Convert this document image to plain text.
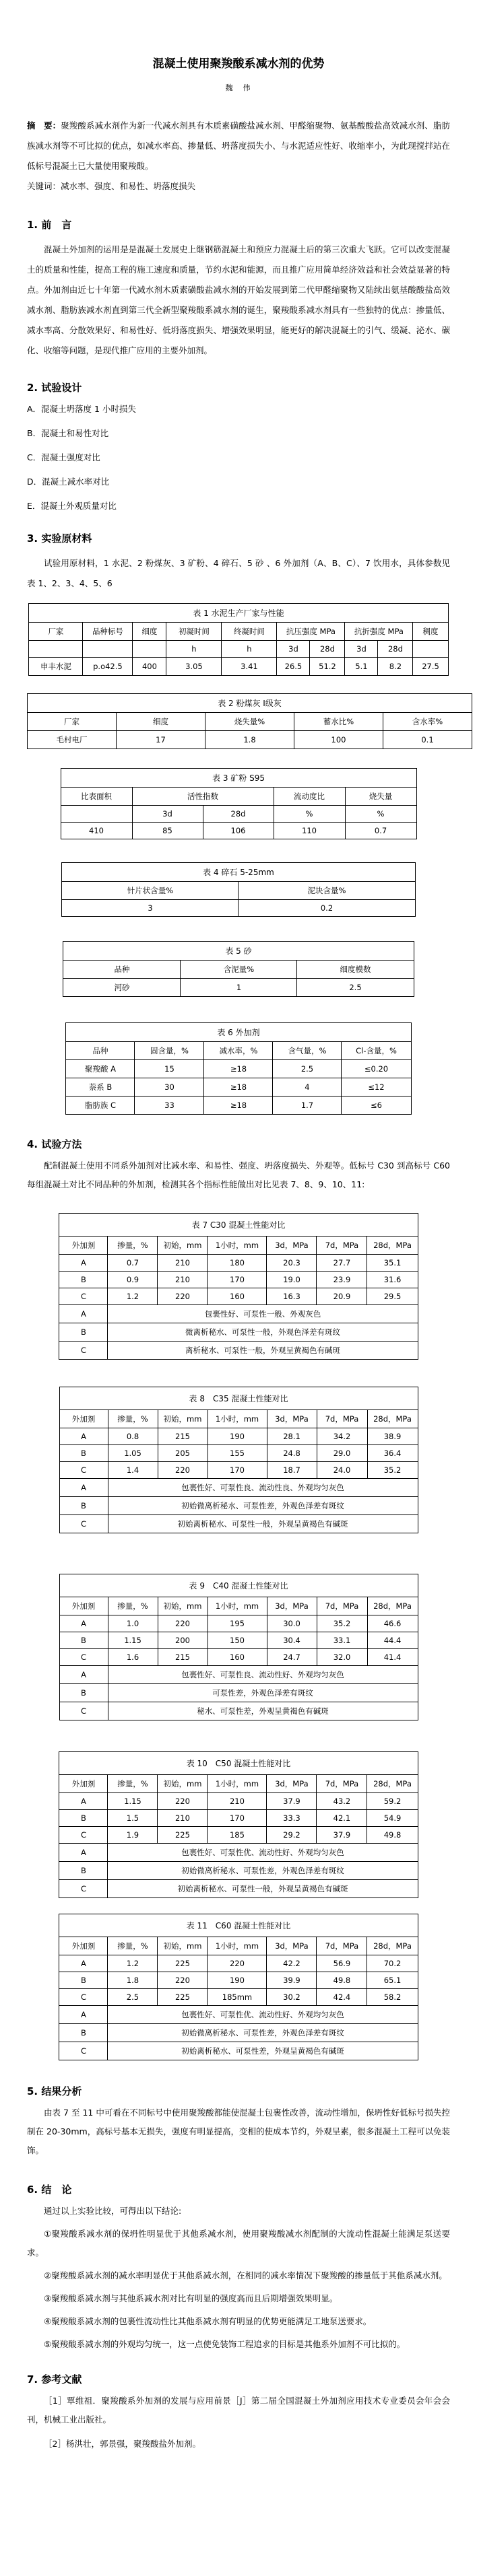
混凝土使用聚羧酸系减水剂的优势
魏　伟

摘　要：聚羧酸系减水剂作为新一代减水剂具有木质素磺酸盐减水剂、甲醛缩聚物、氨基酸酸盐高效减水剂、脂肪族减水剂等不可比拟的优点，如减水率高、掺量低、坍落度损失小、与水泥适应性好、收缩率小，为此现搅拌站在低标号混凝土已大量使用聚羧酸。

关键词：减水率、强度、和易性、坍落度损失

1. 前　言

混凝土外加剂的运用是是混凝土发展史上继钢筋混凝土和预应力混凝土后的第三次重大飞跃。它可以改变混凝土的质量和性能，提高工程的施工速度和质量，节约水泥和能源，而且推广应用简单经济效益和社会效益显著的特点。外加剂由近七十年第一代减水剂木质素磺酸盐减水剂的开始发展到第二代甲醛缩聚物又陆续出氨基酸酸盐高效减水剂、脂肪族减水剂直到第三代全新型聚羧酸系减水剂的诞生，聚羧酸系减水剂具有一些独特的优点：掺量低、减水率高、分散效果好、和易性好、低坍落度损失、增强效果明显，能更好的解决混凝土的引气、缓凝、泌水、碳化、收缩等问题，是现代推广应用的主要外加剂。

2. 试验设计

A．混凝土坍落度 1 小时损失

B．混凝土和易性对比

C．混凝土强度对比

D．混凝土减水率对比

E．混凝土外观质量对比

3. 实验原材料

试验用原材料，1 水泥、2 粉煤灰、3 矿粉、4 碎石、5 砂 、6 外加剂（A、B、C）、7 饮用水，具体参数见表 1、2、3、4、5、6

表 1 水泥生产厂家与性能									
厂家	品种标号	细度	初凝时间	终凝时间	抗压强度 MPa		抗折强度 MPa		稠度
			h	h	3d	28d	3d	28d	
申丰水泥	p.o42.5	400	3.05	3.41	26.5	51.2	5.1	8.2	27.5
表 2 粉煤灰 I级灰				
厂家	细度	烧失量%	蓄水比%	含水率%
毛村电厂	17	1.8	100	0.1
表 3 矿粉 S95				
比表面积	活性指数		流动度比	烧失量
	3d	28d	%	%
410	85	106	110	0.7
表 4 碎石 5-25mm	
针片状含量%	泥块含量%
3	0.2
表 5 砂		
品种	含泥量%	细度模数
河砂	1	2.5
表 6 外加剂				
品种	固含量，%	减水率，%	含气量，%	Cl-含量，%
聚羧酸 A	15	≥18	2.5	≤0.20
萘系 B	30	≥18	4	≤12
脂肪族 C	33	≥18	1.7	≤6
4. 试验方法

配制混凝土使用不同系外加剂对比减水率、和易性、强度、坍落度损失、外观等。低标号 C30 到高标号 C60 每组混凝土对比不同品种的外加剂，检测其各个指标性能做出对比见表 7、8、9、10、11:

表 7 C30 混凝土性能对比						
外加剂	掺量，%	初始，mm	1小时，mm	3d，MPa	7d，MPa	28d，MPa
A	0.7	210	180	20.3	27.7	35.1
B	0.9	210	170	19.0	23.9	31.6
C	1.2	220	160	16.3	20.9	29.5
A	包裹性好、可泵性一般、外观灰色					
B	微离析秘水、可泵性一般，外观色泽差有斑纹					
C	离析秘水、可泵性一般，外观呈黄褐色有碱斑					
表 8　C35 混凝土性能对比						
外加剂	掺量，%	初始，mm	1小时，mm	3d，MPa	7d，MPa	28d，MPa
A	0.8	215	190	28.1	34.2	38.9
B	1.05	205	155	24.8	29.0	36.4
C	1.4	220	170	18.7	24.0	35.2
A	包裹性好、可泵性良、流动性良、外观均匀灰色					
B	初始微离析秘水、可泵性差，外观色泽差有斑纹					
C	初始离析秘水、可泵性一般，外观呈黄褐色有碱斑					
表 9　C40 混凝土性能对比						
外加剂	掺量，%	初始，mm	1小时，mm	3d，MPa	7d，MPa	28d，MPa
A	1.0	220	195	30.0	35.2	46.6
B	1.15	200	150	30.4	33.1	44.4
C	1.6	215	160	24.7	32.0	41.4
A	包裹性好、可泵性良、流动性好、外观均匀灰色					
B	可泵性差，外观色泽差有斑纹					
C	秘水、可泵性差，外观呈黄褐色有碱斑					
表 10　C50 混凝土性能对比						
外加剂	掺量，%	初始，mm	1小时，mm	3d，MPa	7d，MPa	28d，MPa
A	1.15	220	210	37.9	43.2	59.2
B	1.5	210	170	33.3	42.1	54.9
C	1.9	225	185	29.2	37.9	49.8
A	包裹性好、可泵性优、流动性好、外观均匀灰色					
B	初始微离析秘水、可泵性差，外观色泽差有斑纹					
C	初始离析秘水、可泵性一般，外观呈黄褐色有碱斑					
表 11　C60 混凝土性能对比						
外加剂	掺量，%	初始，mm	1小时，mm	3d，MPa	7d，MPa	28d，MPa
A	1.2	225	220	42.2	56.9	70.2
B	1.8	220	190	39.9	49.8	65.1
C	2.5	225	185mm	30.2	42.4	58.2
A	包裹性好、可泵性优、流动性好、外观均匀灰色					
B	初始微离析秘水、可泵性差，外观色泽差有斑纹					
C	初始离析秘水、可泵性差，外观呈黄褐色有碱斑					
5. 结果分析

由表 7 至 11 中可看在不同标号中使用聚羧酸都能使混凝土包裹性改善，流动性增加，保坍性好低标号损失控制在 20-30mm，高标号基本无损失，强度有明显提高，变相的使成本节约，外观呈素，很多混凝土工程可以免装饰。

6. 结　论

通过以上实验比较，可得出以下结论:

①聚羧酸系减水剂的保坍性明显优于其他系减水剂，使用聚羧酸减水剂配制的大流动性混凝土能满足泵送要求。

②聚羧酸系减水剂的减水率明显优于其他系减水剂，在相同的减水率情况下聚羧酸的掺量低于其他系减水剂。

③聚羧酸系减水剂与其他系减水剂对比有明显的强度高而且后期增强效果明显。

④聚羧酸系减水剂的包裹性流动性比其他系减水剂有明显的优势更能满足工地泵送要求。

⑤聚羧酸系减水剂的外观均匀统一，这一点使免装饰工程追求的目标是其他系外加剂不可比拟的。

7. 参考文献

［1］覃维祖．聚羧酸系外加剂的发展与应用前景［J］第二届全国混凝土外加剂应用技术专业委员会年会会刊，机械工业出版社。

［2］杨洪壮，郭景强，聚羧酸盐外加剂。
